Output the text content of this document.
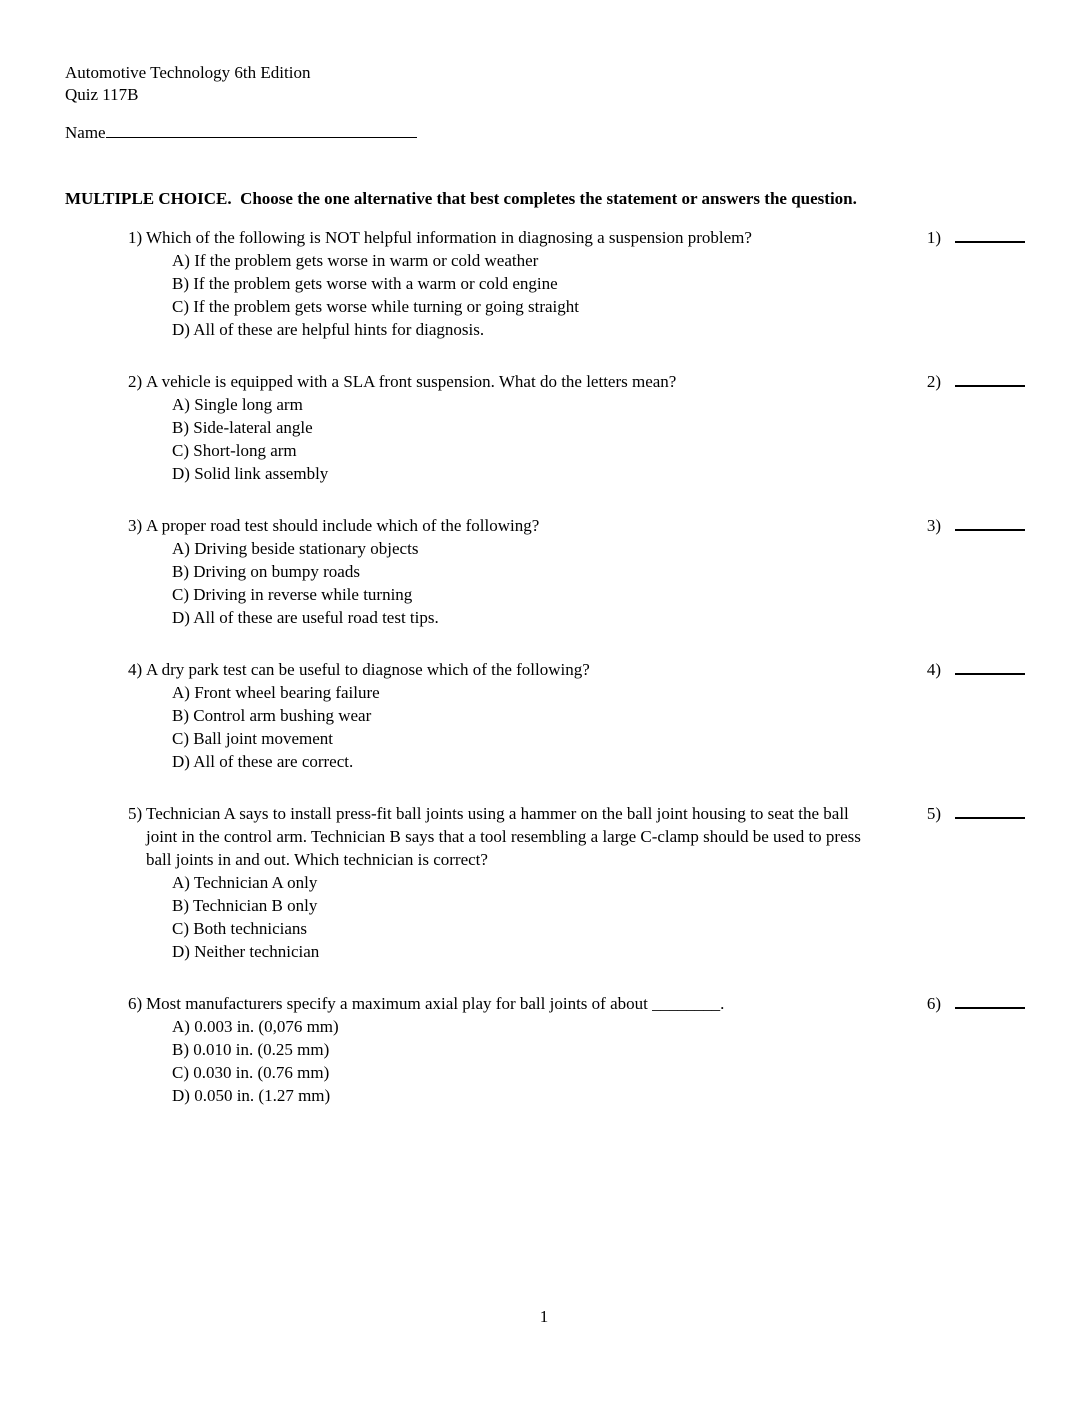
Automotive Technology 6th Edition
Quiz 117B
Name
MULTIPLE CHOICE.  Choose the one alternative that best completes the statement or answers the question.
1) Which of the following is NOT helpful information in diagnosing a suspension problem?
A) If the problem gets worse in warm or cold weather
B) If the problem gets worse with a warm or cold engine
C) If the problem gets worse while turning or going straight
D) All of these are helpful hints for diagnosis.
1)
2) A vehicle is equipped with a SLA front suspension. What do the letters mean?
A) Single long arm
B) Side-lateral angle
C) Short-long arm
D) Solid link assembly
2)
3) A proper road test should include which of the following?
A) Driving beside stationary objects
B) Driving on bumpy roads
C) Driving in reverse while turning
D) All of these are useful road test tips.
3)
4) A dry park test can be useful to diagnose which of the following?
A) Front wheel bearing failure
B) Control arm bushing wear
C) Ball joint movement
D) All of these are correct.
4)
5) Technician A says to install press-fit ball joints using a hammer on the ball joint housing to seat the ball joint in the control arm. Technician B says that a tool resembling a large C-clamp should be used to press ball joints in and out. Which technician is correct?
A) Technician A only
B) Technician B only
C) Both technicians
D) Neither technician
5)
6) Most manufacturers specify a maximum axial play for ball joints of about ________.
A) 0.003 in. (0,076 mm)
B) 0.010 in. (0.25 mm)
C) 0.030 in. (0.76 mm)
D) 0.050 in. (1.27 mm)
6)
1
